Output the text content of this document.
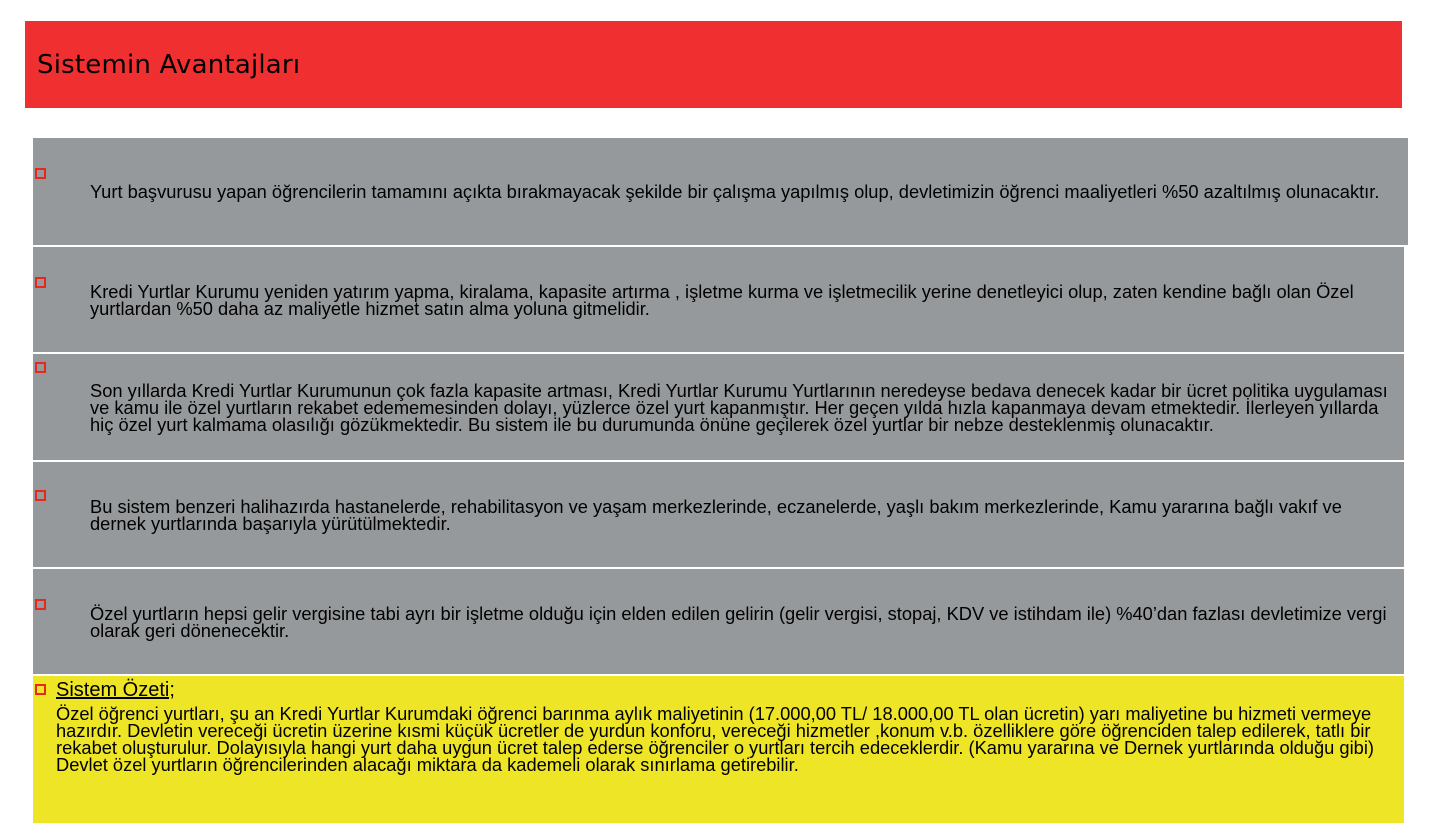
Sistemin Avantajları
Yurt başvurusu yapan öğrencilerin tamamını açıkta bırakmayacak şekilde bir çalışma yapılmış olup, devletimizin öğrenci maaliyetleri %50 azaltılmış olunacaktır.
Kredi Yurtlar Kurumu yeniden yatırım yapma, kiralama, kapasite artırma , işletme kurma ve işletmecilik yerine denetleyici olup, zaten kendine bağlı olan Özel yurtlardan %50 daha az maliyetle hizmet satın alma yoluna gitmelidir.
Son yıllarda Kredi Yurtlar Kurumunun çok fazla kapasite artması, Kredi Yurtlar Kurumu Yurtlarının neredeyse bedava denecek kadar bir ücret politika uygulaması ve kamu ile özel yurtların rekabet edememesinden dolayı, yüzlerce özel yurt kapanmıştır. Her geçen yılda hızla kapanmaya devam etmektedir. İlerleyen yıllarda hiç özel yurt kalmama olasılığı gözükmektedir. Bu sistem ile bu durumunda önüne geçilerek özel yurtlar bir nebze desteklenmiş olunacaktır.
Bu sistem benzeri halihazırda hastanelerde, rehabilitasyon ve yaşam merkezlerinde, eczanelerde, yaşlı bakım merkezlerinde, Kamu yararına bağlı vakıf ve dernek yurtlarında başarıyla yürütülmektedir.
Özel yurtların hepsi gelir vergisine tabi ayrı bir işletme olduğu için elden edilen gelirin (gelir vergisi, stopaj, KDV ve istihdam ile) %40’dan fazlası devletimize vergi olarak geri dönenecektir.
Sistem Özeti;
Özel öğrenci yurtları, şu an Kredi Yurtlar Kurumdaki öğrenci barınma aylık maliyetinin (17.000,00 TL/ 18.000,00 TL olan ücretin) yarı maliyetine bu hizmeti vermeye hazırdır. Devletin vereceği ücretin üzerine kısmi küçük ücretler de yurdun konforu, vereceği hizmetler ,konum v.b. özelliklere göre öğrenciden talep edilerek, tatlı bir rekabet oluşturulur. Dolayısıyla hangi yurt daha uygun ücret talep ederse öğrenciler o yurtları tercih edeceklerdir. (Kamu yararına ve Dernek yurtlarında olduğu gibi) Devlet özel yurtların öğrencilerinden alacağı miktara da kademeli olarak sınırlama getirebilir.
